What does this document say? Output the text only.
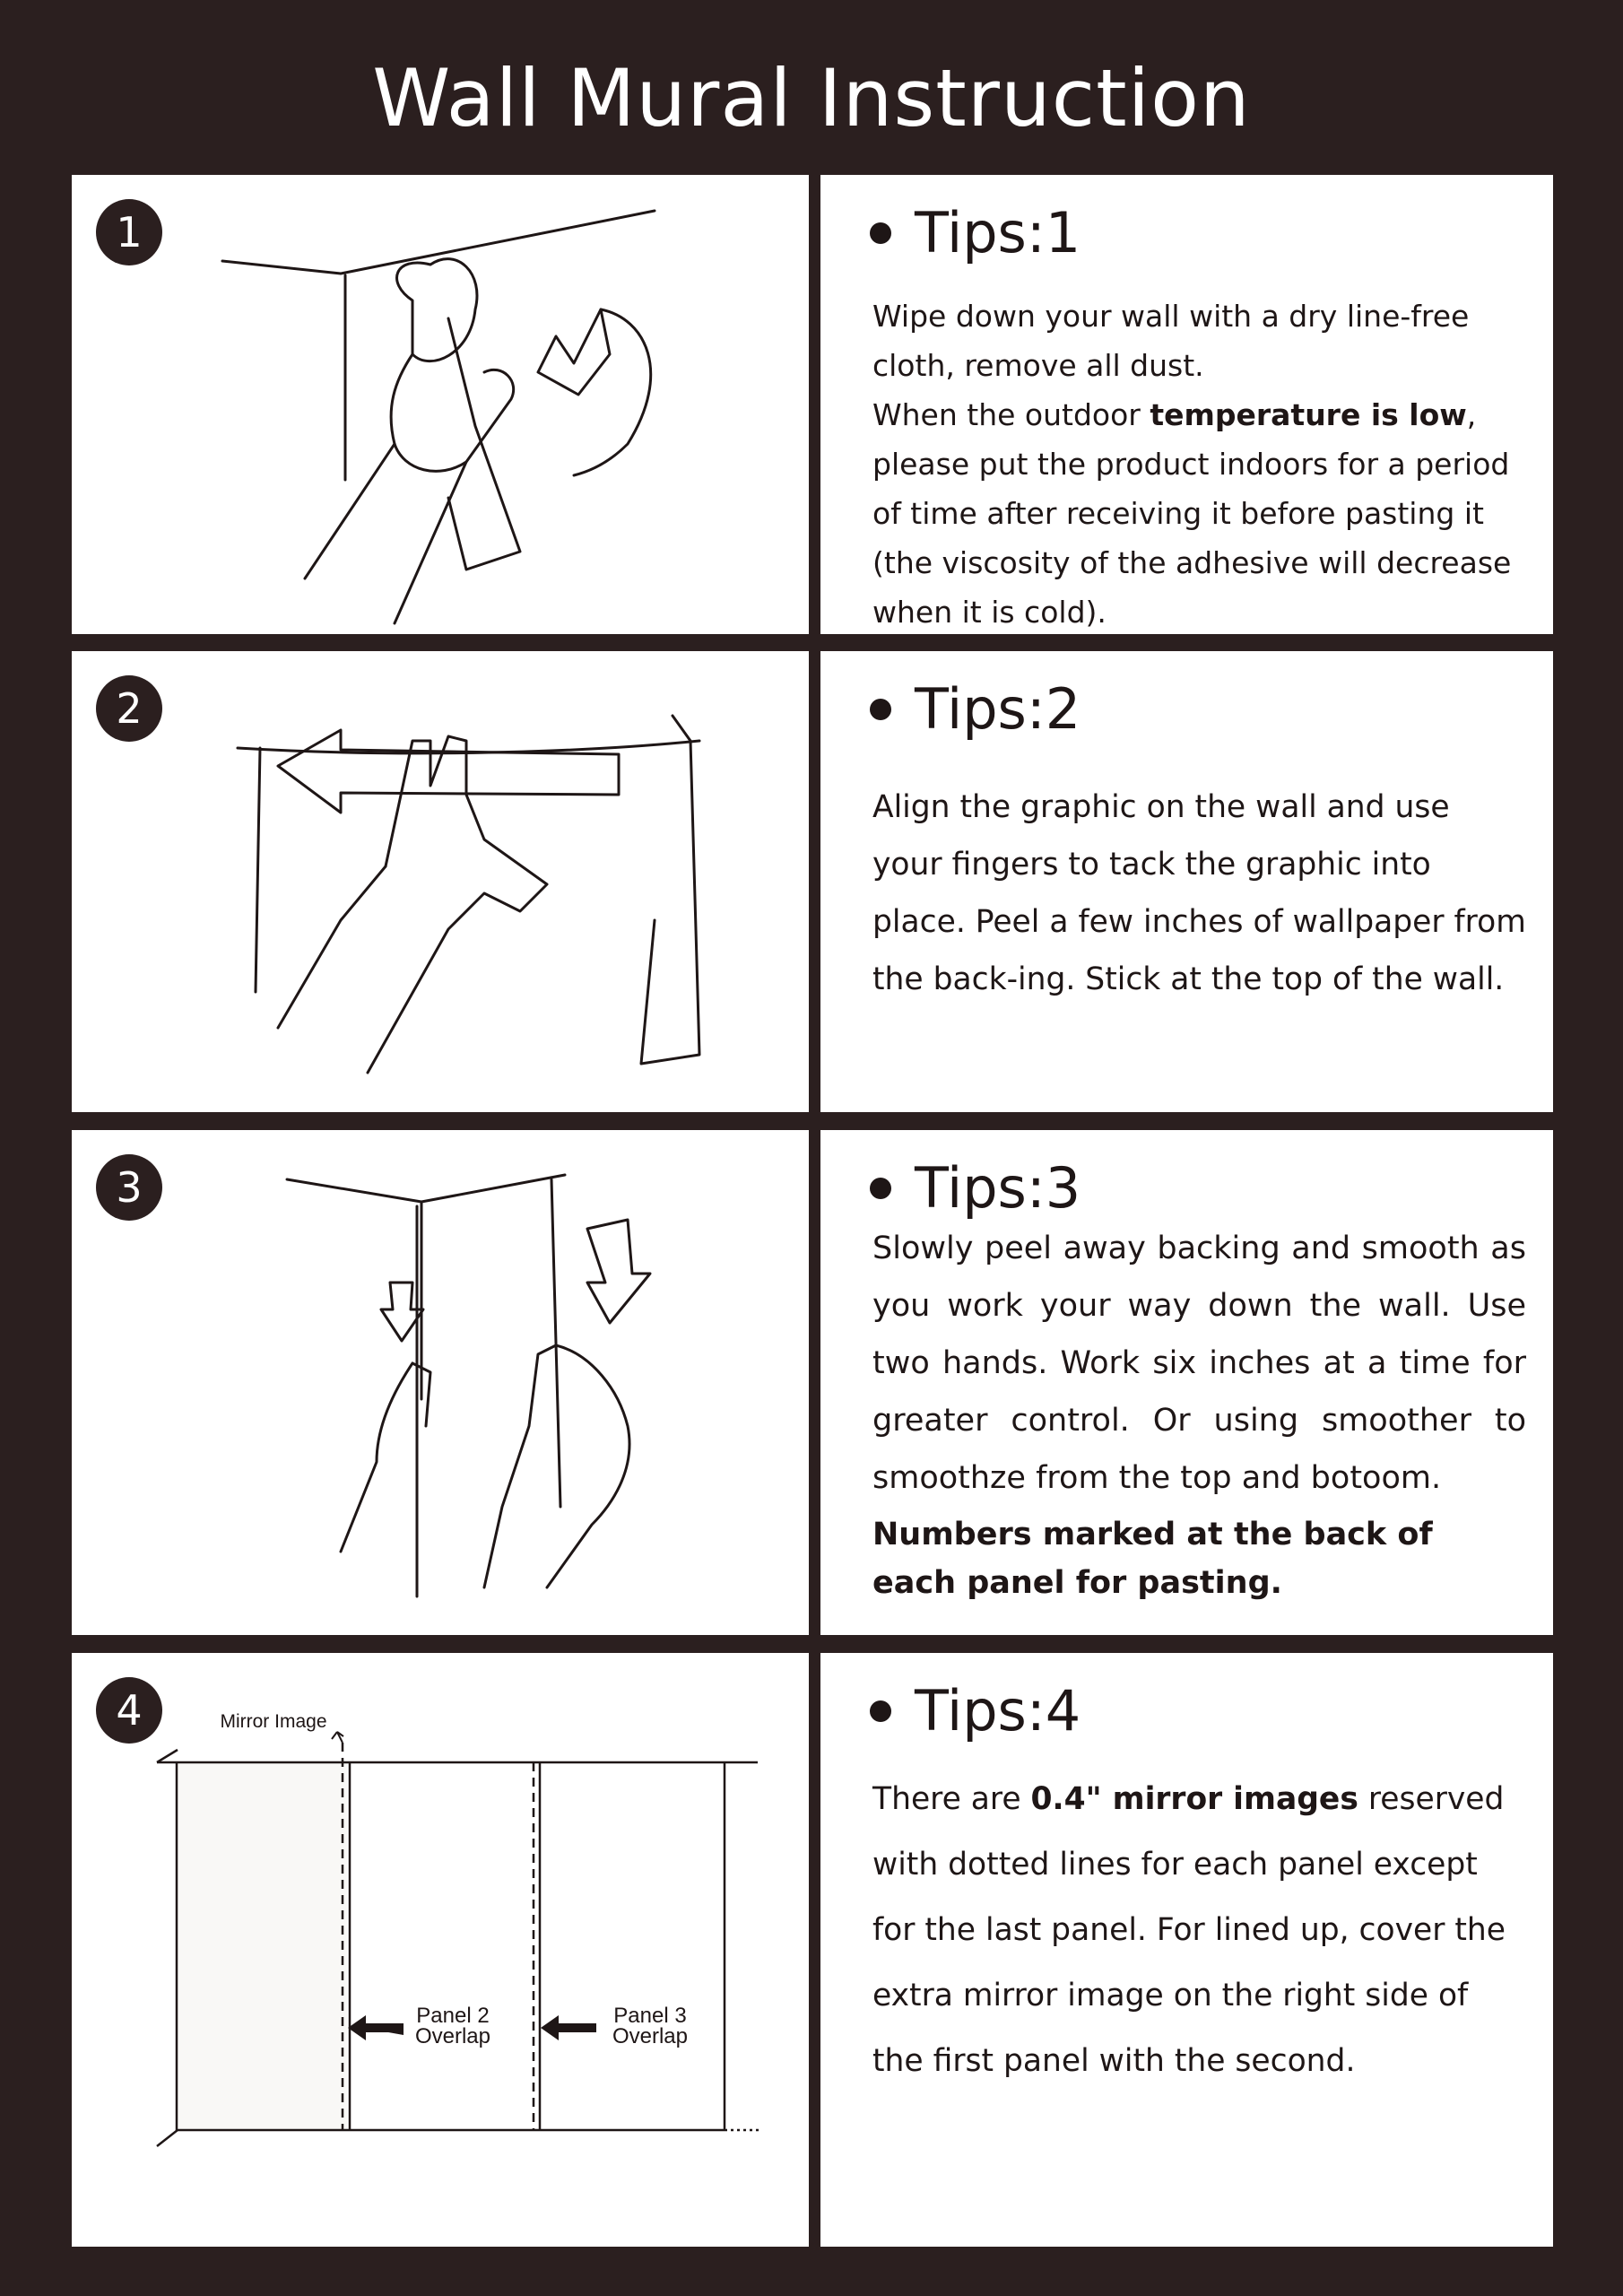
Wall Mural Instruction
1	Tips:1

Wipe down your wall with a dry line-free cloth, remove all dust.

When the outdoor temperature is low, please put the product indoors for a period of time after receiving it before pasting it (the viscosity of the adhesive will decrease when it is cold).

2	Tips:2
Align the graphic on the wall and use your fingers to tack the graphic into place. Peel a few inches of wallpaper from the back-ing. Stick at the top of the wall.
3	Tips:3
Slowly peel away backing and smooth as you work your way down the wall. Use two hands. Work six inches at a time for greater control. Or using smoother to smoothze from the top and botoom.
Numbers marked at the back of each panel for pasting.
Mirror Image
Panel 2
Overlap
Panel 3
Overlap
4	Tips:4
There are 0.4" mirror images reserved with dotted lines for each panel except for the last panel. For lined up, cover the extra mirror image on the right side of the first panel with the second.
